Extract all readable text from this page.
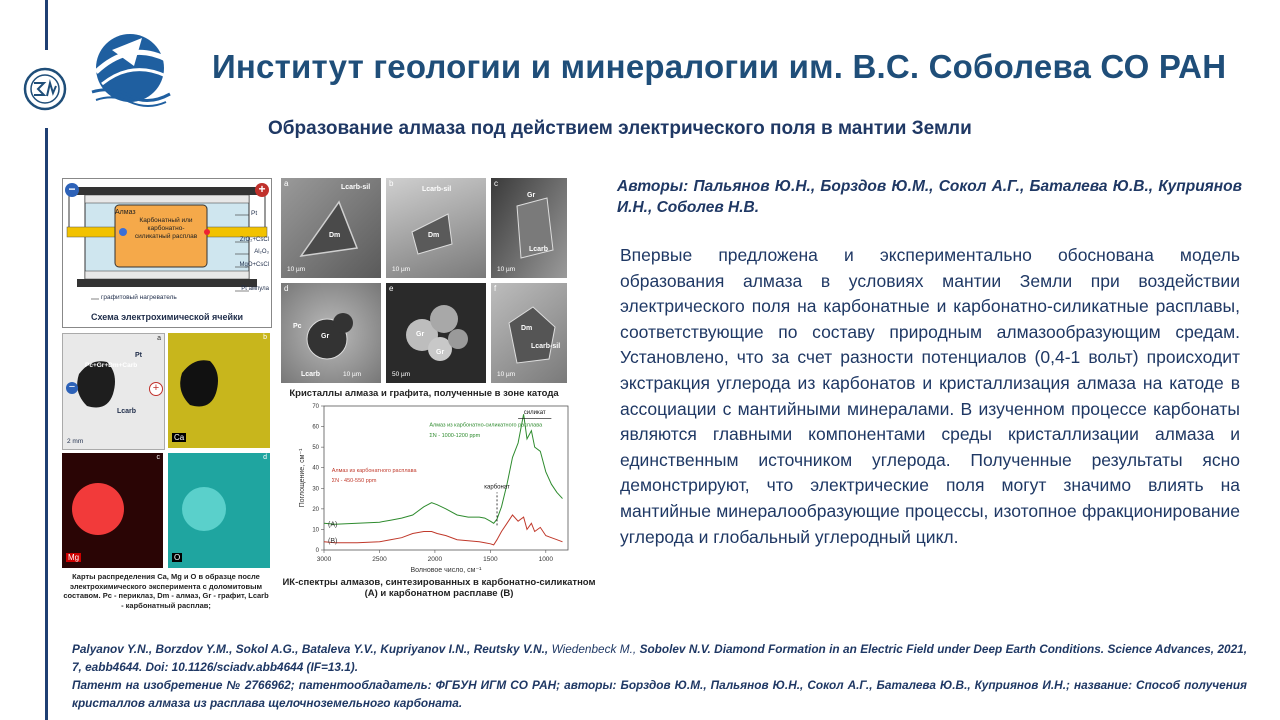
Институт геологии и минералогии им. В.С. Соболева СО РАН
Образование алмаза под действием электрического поля в мантии Земли
−	+
Алмаз
Карбонатный или карбонатно-силикатный расплав
Pt
ZrO₂+CsCl
Al₂O₃
MgO+CsCl
Pt ампула
графитовый нагреватель
Схема электрохимической ячейки
a	Lcarb-sil
Dm
10 µm
b
Lcarb-sil
Dm
10 µm
c
Gr
Lcarb
10 µm
d
Pc
Gr
Lcarb	10 µm
e
Gr
Gr
50 µm
f
Dm
Lcarb-sil
10 µm
Кристаллы алмаза и графита, полученные в зоне катода
a
Pt
Pc+Gr+Dm+Carb
Lcarb
2 mm
−	+
b
Ca
c
Mg
d
O
Карты распределения Ca, Mg и O в образце после электрохимического эксперимента с доломитовым составом. Pc - периклаз, Dm - алмаз, Gr - графит, Lcarb - карбонатный расплав;
3000	2500	2000	1500	1000
0
10
20
30
40
50
60
70
Волновое число, см⁻¹
Поглощение, см⁻¹
(A)
(B)
карбонат
силикат
Алмаз из карбонатно-силикатного расплава
ΣN - 1000-1200 ppm
Алмаз из карбонатного расплава
ΣN - 450-550 ppm
ИК-спектры алмазов, синтезированных в карбонатно-силикатном (А) и карбонатном расплаве (В)
Авторы: Пальянов Ю.Н., Борздов Ю.М., Сокол А.Г., Баталева Ю.В., Куприянов И.Н., Соболев Н.В.
Впервые предложена и экспериментально обоснована модель образования алмаза в условиях мантии Земли при воздействии электрического поля на карбонатные и карбонатно-силикатные расплавы, соответствующие по составу природным алмазообразующим средам. Установлено, что за счет разности потенциалов (0,4-1 вольт) происходит экстракция углерода из карбонатов и кристаллизация алмаза на катоде в ассоциации с мантийными минералами. В изученном процессе карбонаты являются главными компонентами среды кристаллизации алмаза и единственным источником углерода. Полученные результаты ясно демонстрируют, что электрические поля могут значимо влиять на мантийные минералообразующие процессы, изотопное фракционирование углерода и глобальный углеродный цикл.
Palyanov Y.N., Borzdov Y.M., Sokol A.G., Bataleva Y.V., Kupriyanov I.N., Reutsky V.N., Wiedenbeck M., Sobolev N.V. Diamond Formation in an Electric Field under Deep Earth Conditions. Science Advances, 2021, 7, eabb4644. Doi: 10.1126/sciadv.abb4644 (IF=13.1).
Патент на изобретение № 2766962; патентообладатель: ФГБУН ИГМ СО РАН; авторы: Борздов Ю.М., Пальянов Ю.Н., Сокол А.Г., Баталева Ю.В., Куприянов И.Н.; название: Способ получения кристаллов алмаза из расплава щелочноземельного карбоната.
